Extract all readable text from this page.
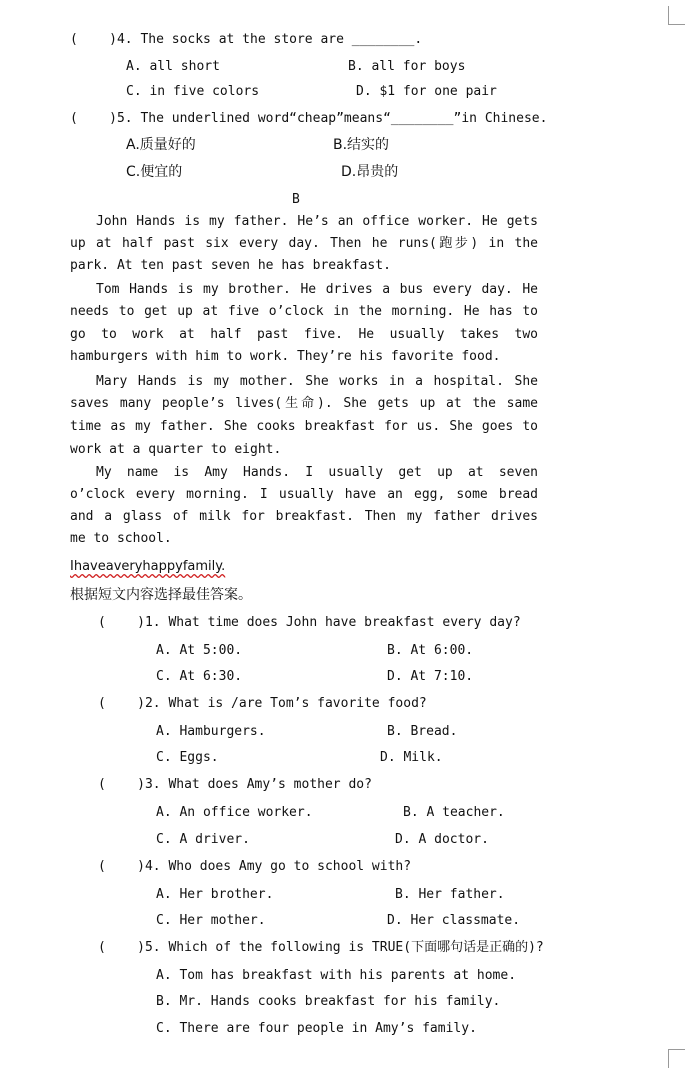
(    )4. The socks at the store are ________.
A. all short	B. all for boys
C. in five colors	D. $1 for one pair
(    )5. The underlined word“cheap”means“________”in Chinese.
A.质量好的	B.结实的
C.便宜的	D.昂贵的
B
John Hands is my father. He’s an office worker. He gets
up at half past six every day. Then he runs(跑步) in the
park. At ten past seven he has breakfast.
Tom Hands is my brother. He drives a bus every day. He
needs to get up at five o’clock in the morning. He has to
go to work at half past five. He usually takes two
hamburgers with him to work. They’re his favorite food.
Mary Hands is my mother. She works in a hospital. She
saves many people’s lives(生命). She gets up at the same
time as my father. She cooks breakfast for us. She goes to
work at a quarter to eight.
My name is Amy Hands. I usually get up at seven
o’clock every morning. I usually have an egg, some bread
and a glass of milk for breakfast. Then my father drives
me to school.
Ihaveaveryhappyfamily.
根据短文内容选择最佳答案。
(    )1. What time does John have breakfast every day?
A. At 5:00.	B. At 6:00.
C. At 6:30.	D. At 7:10.
(    )2. What is /are Tom’s favorite food?
A. Hamburgers.	B. Bread.
C. Eggs.	D. Milk.
(    )3. What does Amy’s mother do?
A. An office worker.	B. A teacher.
C. A driver.	D. A doctor.
(    )4. Who does Amy go to school with?
A. Her brother.	B. Her father.
C. Her mother.	D. Her classmate.
(    )5. Which of the following is TRUE(下面哪句话是正确的)?
A. Tom has breakfast with his parents at home.
B. Mr. Hands cooks breakfast for his family.
C. There are four people in Amy’s family.
